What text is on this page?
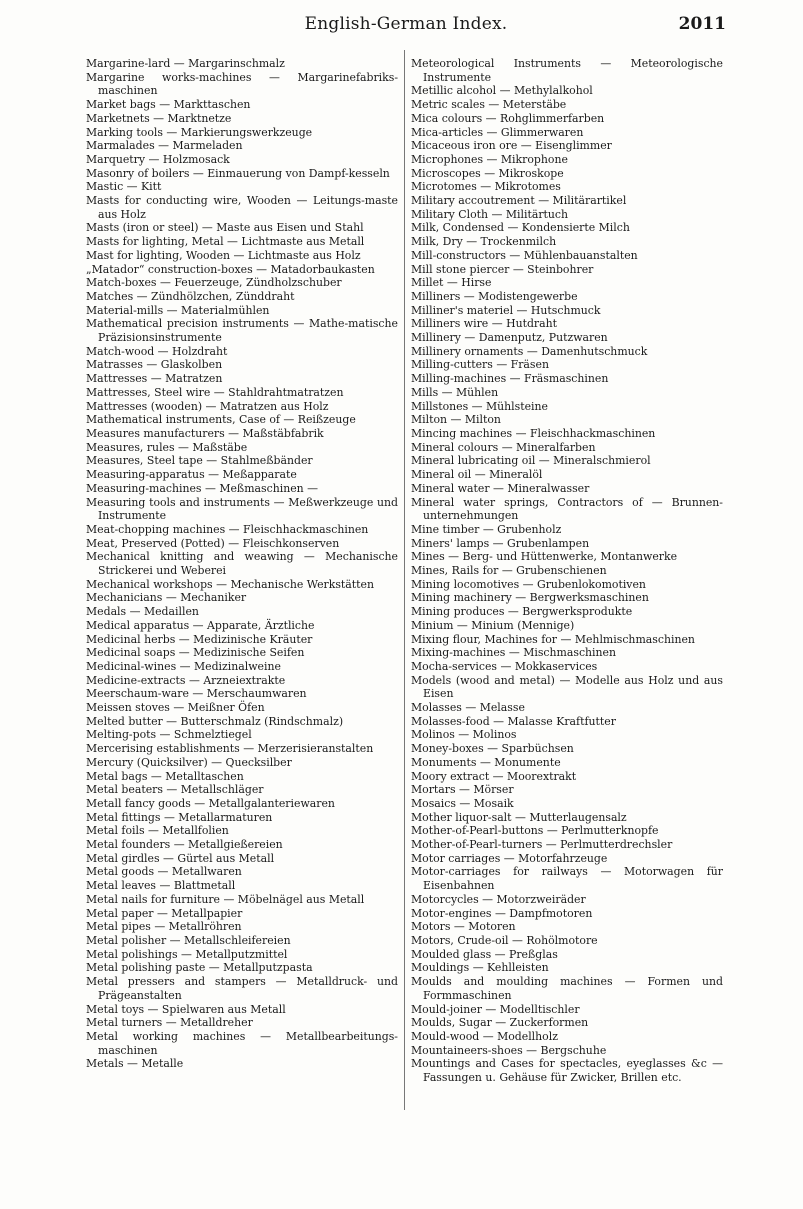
English-German Index.	2011
Margarine-lard — Margarinschmalz
Margarine works-machines — Margarinefabriks-maschinen
Market bags — Markttaschen
Marketnets — Marktnetze
Marking tools — Markierungswerkzeuge
Marmalades — Marmeladen
Marquetry — Holzmosack
Masonry of boilers — Einmauerung von Dampf-kesseln
Mastic — Kitt
Masts for conducting wire, Wooden — Leitungs-maste aus Holz
Masts (iron or steel) — Maste aus Eisen und Stahl
Masts for lighting, Metal — Lichtmaste aus Metall
Mast for lighting, Wooden — Lichtmaste aus Holz
„Matador“ construction-boxes — Matadorbaukasten
Match-boxes — Feuerzeuge, Zündholzschuber
Matches — Zündhölzchen, Zünddraht
Material-mills — Materialmühlen
Mathematical precision instruments — Mathe-matische Präzisionsinstrumente
Match-wood — Holzdraht
Matrasses — Glaskolben
Mattresses — Matratzen
Mattresses, Steel wire — Stahldrahtmatratzen
Mattresses (wooden) — Matratzen aus Holz
Mathematical instruments, Case of — Reißzeuge
Measures manufacturers — Maßstäbfabrik
Measures, rules — Maßstäbe
Measures, Steel tape — Stahlmeßbänder
Measuring-apparatus — Meßapparate
Measuring-machines — Meßmaschinen —
Measuring tools and instruments — Meßwerkzeuge und Instrumente
Meat-chopping machines — Fleischhackmaschinen
Meat, Preserved (Potted) — Fleischkonserven
Mechanical knitting and weawing — Mechanische Strickerei und Weberei
Mechanical workshops — Mechanische Werkstätten
Mechanicians — Mechaniker
Medals — Medaillen
Medical apparatus — Apparate, Ärztliche
Medicinal herbs — Medizinische Kräuter
Medicinal soaps — Medizinische Seifen
Medicinal-wines — Medizinalweine
Medicine-extracts — Arzneiextrakte
Meerschaum-ware — Merschaumwaren
Meissen stoves — Meißner Öfen
Melted butter — Butterschmalz (Rindschmalz)
Melting-pots — Schmelztiegel
Mercerising establishments — Merzerisieranstalten
Mercury (Quicksilver) — Quecksilber
Metal bags — Metalltaschen
Metal beaters — Metallschläger
Metall fancy goods — Metallgalanteriewaren
Metal fittings — Metallarmaturen
Metal foils — Metallfolien
Metal founders — Metallgießereien
Metal girdles — Gürtel aus Metall
Metal goods — Metallwaren
Metal leaves — Blattmetall
Metal nails for furniture — Möbelnägel aus Metall
Metal paper — Metallpapier
Metal pipes — Metallröhren
Metal polisher — Metallschleifereien
Metal polishings — Metallputzmittel
Metal polishing paste — Metallputzpasta
Metal pressers and stampers — Metalldruck- und Prägeanstalten
Metal toys — Spielwaren aus Metall
Metal turners — Metalldreher
Metal working machines — Metallbearbeitungs-maschinen
Metals — Metalle
Meteorological Instruments — Meteorologische Instrumente
Metillic alcohol — Methylalkohol
Metric scales — Meterstäbe
Mica colours — Rohglimmerfarben
Mica-articles — Glimmerwaren
Micaceous iron ore — Eisenglimmer
Microphones — Mikrophone
Microscopes — Mikroskope
Microtomes — Mikrotomes
Military accoutrement — Militärartikel
Military Cloth — Militärtuch
Milk, Condensed — Kondensierte Milch
Milk, Dry — Trockenmilch
Mill-constructors — Mühlenbauanstalten
Mill stone piercer — Steinbohrer
Millet — Hirse
Milliners — Modistengewerbe
Milliner's materiel — Hutschmuck
Milliners wire — Hutdraht
Millinery — Damenputz, Putzwaren
Millinery ornaments — Damenhutschmuck
Milling-cutters — Fräsen
Milling-machines — Fräsmaschinen
Mills — Mühlen
Millstones — Mühlsteine
Milton — Milton
Mincing machines — Fleischhackmaschinen
Mineral colours — Mineralfarben
Mineral lubricating oil — Mineralschmierol
Mineral oil — Mineralöl
Mineral water — Mineralwasser
Mineral water springs, Contractors of — Brunnen-unternehmungen
Mine timber — Grubenholz
Miners' lamps — Grubenlampen
Mines — Berg- und Hüttenwerke, Montanwerke
Mines, Rails for — Grubenschienen
Mining locomotives — Grubenlokomotiven
Mining machinery — Bergwerksmaschinen
Mining produces — Bergwerksprodukte
Minium — Minium (Mennige)
Mixing flour, Machines for — Mehlmischmaschinen
Mixing-machines — Mischmaschinen
Mocha-services — Mokkaservices
Models (wood and metal) — Modelle aus Holz und aus Eisen
Molasses — Melasse
Molasses-food — Malasse Kraftfutter
Molinos — Molinos
Money-boxes — Sparbüchsen
Monuments — Monumente
Moory extract — Moorextrakt
Mortars — Mörser
Mosaics — Mosaik
Mother liquor-salt — Mutterlaugensalz
Mother-of-Pearl-buttons — Perlmutterknopfe
Mother-of-Pearl-turners — Perlmutterdrechsler
Motor carriages — Motorfahrzeuge
Motor-carriages for railways — Motorwagen für Eisenbahnen
Motorcycles — Motorzweiräder
Motor-engines — Dampfmotoren
Motors — Motoren
Motors, Crude-oil — Rohölmotore
Moulded glass — Preßglas
Mouldings — Kehlleisten
Moulds and moulding machines — Formen und Formmaschinen
Mould-joiner — Modelltischler
Moulds, Sugar — Zuckerformen
Mould-wood — Modellholz
Mountaineers-shoes — Bergschuhe
Mountings and Cases for spectacles, eyeglasses &c — Fassungen u. Gehäuse für Zwicker, Brillen etc.
